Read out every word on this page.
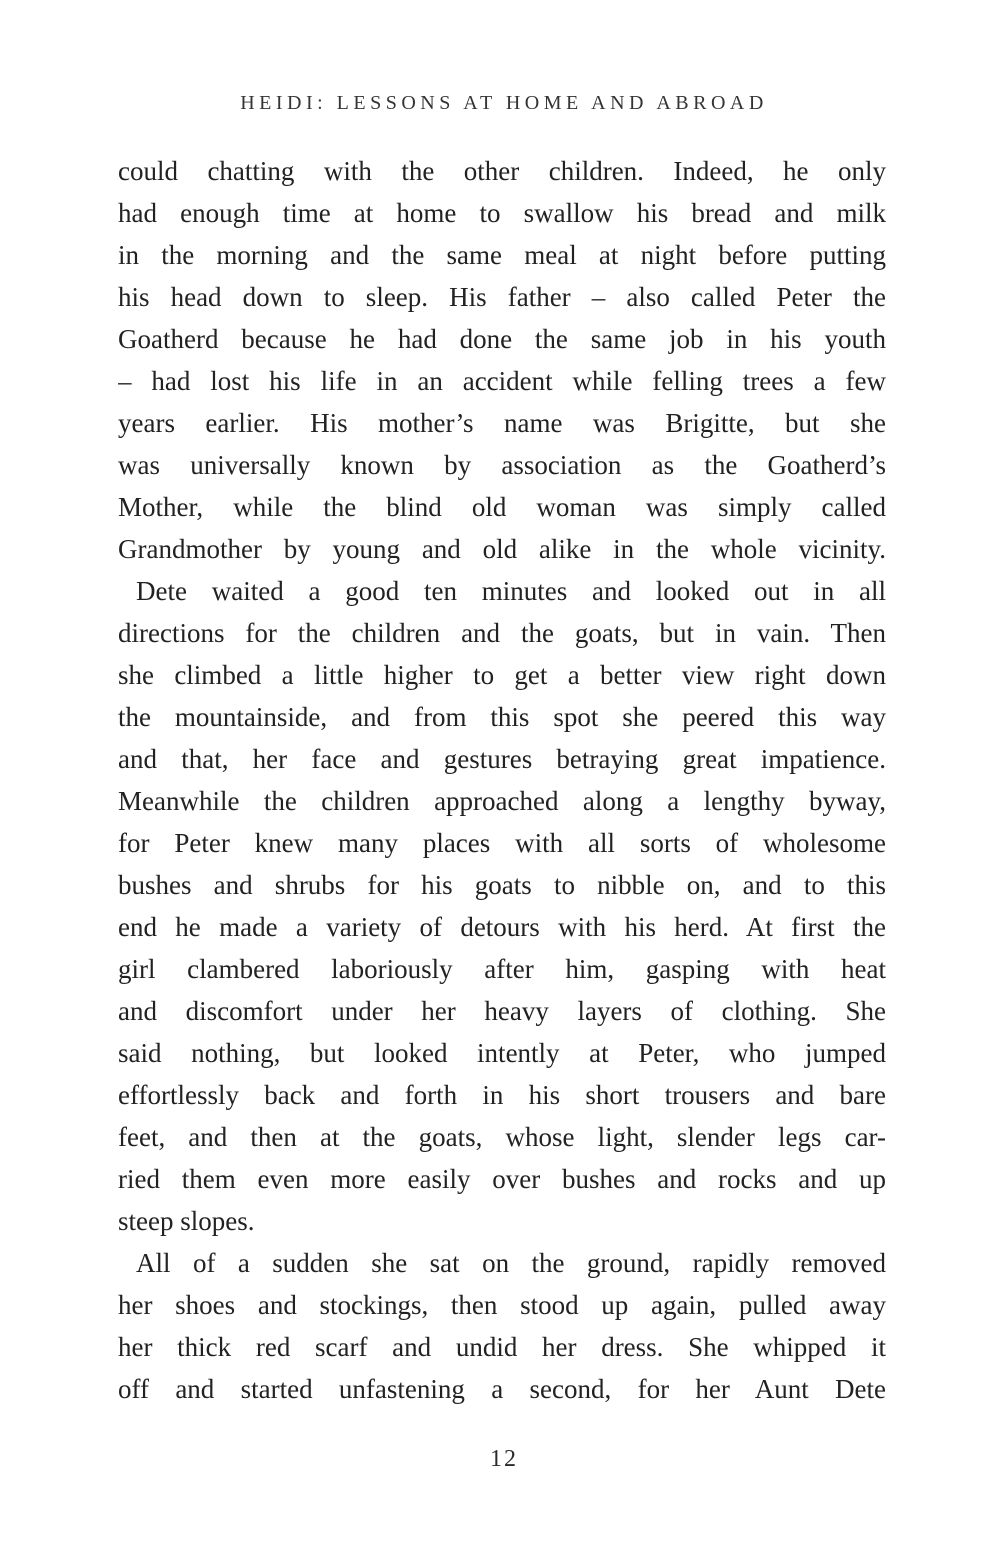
HEIDI: LESSONS AT HOME AND ABROAD
could chatting with the other children. Indeed, he only
had enough time at home to swallow his bread and milk
in the morning and the same meal at night before putting
his head down to sleep. His father – also called Peter the
Goatherd because he had done the same job in his youth
– had lost his life in an accident while felling trees a few
years earlier. His mother’s name was Brigitte, but she
was universally known by association as the Goatherd’s
Mother, while the blind old woman was simply called
Grandmother by young and old alike in the whole vicinity.
Dete waited a good ten minutes and looked out in all
directions for the children and the goats, but in vain. Then
she climbed a little higher to get a better view right down
the mountainside, and from this spot she peered this way
and that, her face and gestures betraying great impatience.
Meanwhile the children approached along a lengthy byway,
for Peter knew many places with all sorts of wholesome
bushes and shrubs for his goats to nibble on, and to this
end he made a variety of detours with his herd. At first the
girl clambered laboriously after him, gasping with heat
and discomfort under her heavy layers of clothing. She
said nothing, but looked intently at Peter, who jumped
effortlessly back and forth in his short trousers and bare
feet, and then at the goats, whose light, slender legs car-
ried them even more easily over bushes and rocks and up
steep slopes.
All of a sudden she sat on the ground, rapidly removed
her shoes and stockings, then stood up again, pulled away
her thick red scarf and undid her dress. She whipped it
off and started unfastening a second, for her Aunt Dete
12
